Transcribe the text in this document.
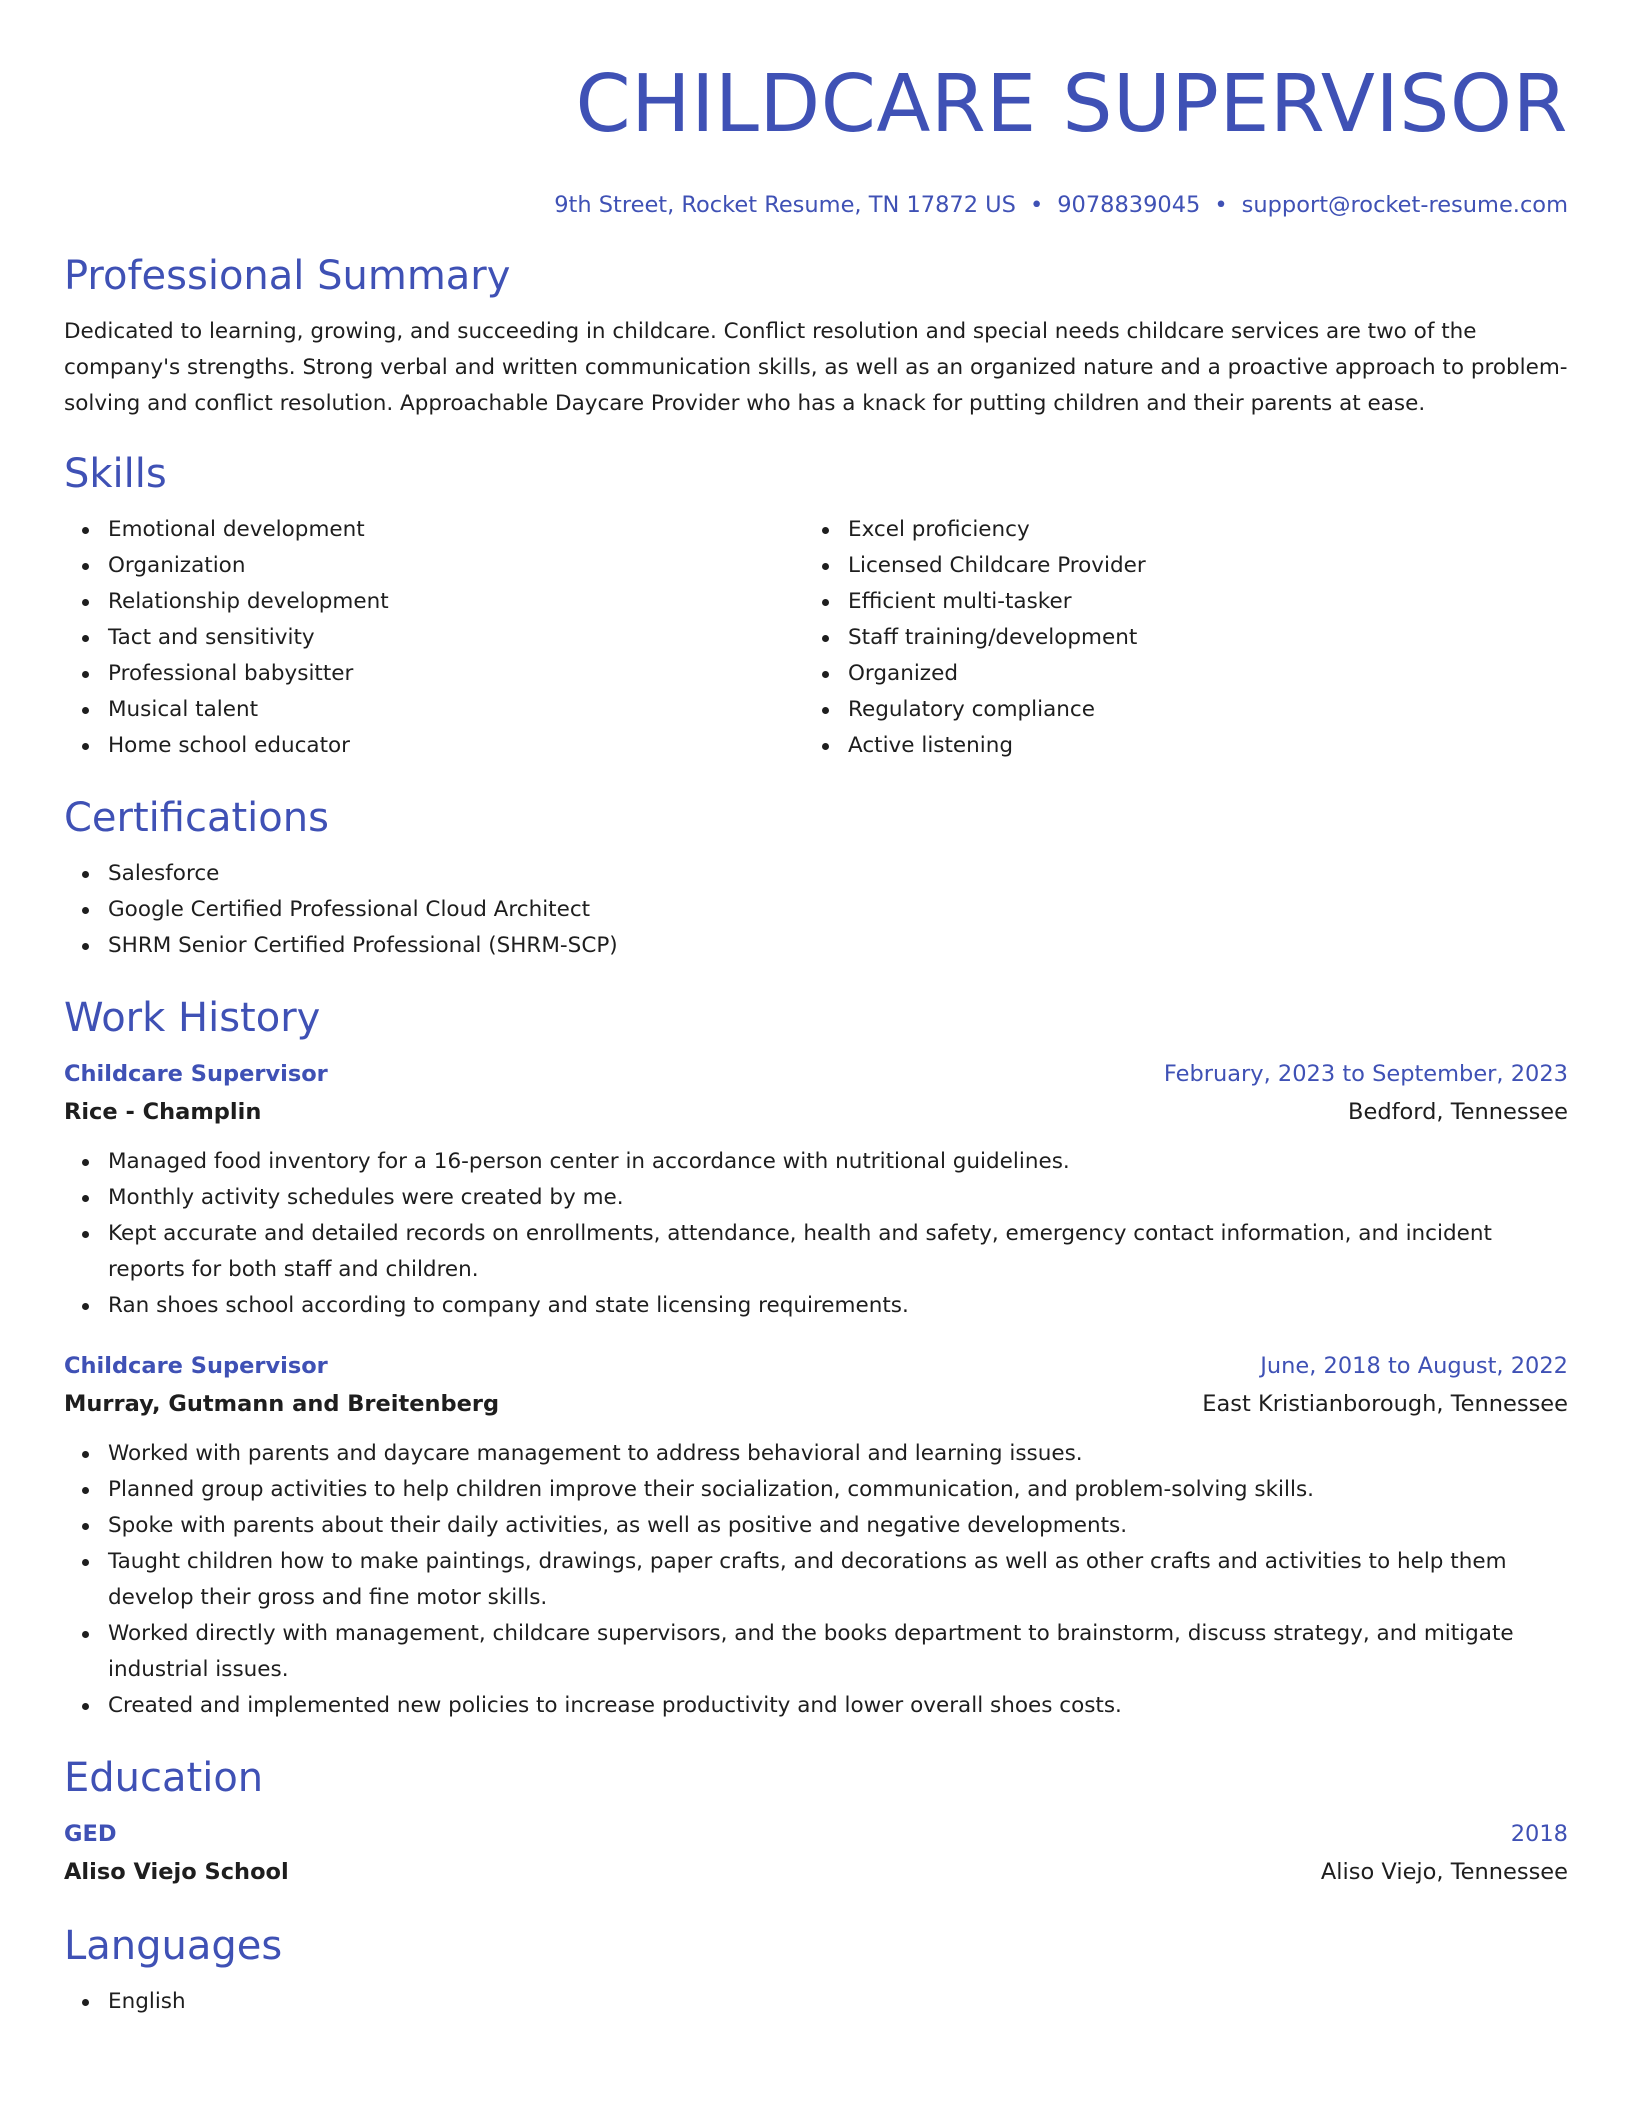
CHILDCARE SUPERVISOR
9th Street, Rocket Resume, TN 17872 US • 9078839045 • support@rocket-resume.com
Professional Summary

Dedicated to learning, growing, and succeeding in childcare. Conflict resolution and special needs childcare services are two of the company's strengths. Strong verbal and written communication skills, as well as an organized nature and a proactive approach to problem-solving and conflict resolution. Approachable Daycare Provider who has a knack for putting children and their parents at ease.

Skills
Emotional development
Organization
Relationship development
Tact and sensitivity
Professional babysitter
Musical talent
Home school educator
Excel proficiency
Licensed Childcare Provider
Efficient multi-tasker
Staff training/development
Organized
Regulatory compliance
Active listening
Certifications
Salesforce
Google Certified Professional Cloud Architect
SHRM Senior Certified Professional (SHRM-SCP)
Work History
Childcare Supervisor	February, 2023 to September, 2023
Rice - Champlin	Bedford, Tennessee
Managed food inventory for a 16-person center in accordance with nutritional guidelines.
Monthly activity schedules were created by me.
Kept accurate and detailed records on enrollments, attendance, health and safety, emergency contact information, and incident reports for both staff and children.
Ran shoes school according to company and state licensing requirements.
Childcare Supervisor	June, 2018 to August, 2022
Murray, Gutmann and Breitenberg	East Kristianborough, Tennessee
Worked with parents and daycare management to address behavioral and learning issues.
Planned group activities to help children improve their socialization, communication, and problem-solving skills.
Spoke with parents about their daily activities, as well as positive and negative developments.
Taught children how to make paintings, drawings, paper crafts, and decorations as well as other crafts and activities to help them develop their gross and fine motor skills.
Worked directly with management, childcare supervisors, and the books department to brainstorm, discuss strategy, and mitigate industrial issues.
Created and implemented new policies to increase productivity and lower overall shoes costs.
Education
GED	2018
Aliso Viejo School	Aliso Viejo, Tennessee
Languages
English
